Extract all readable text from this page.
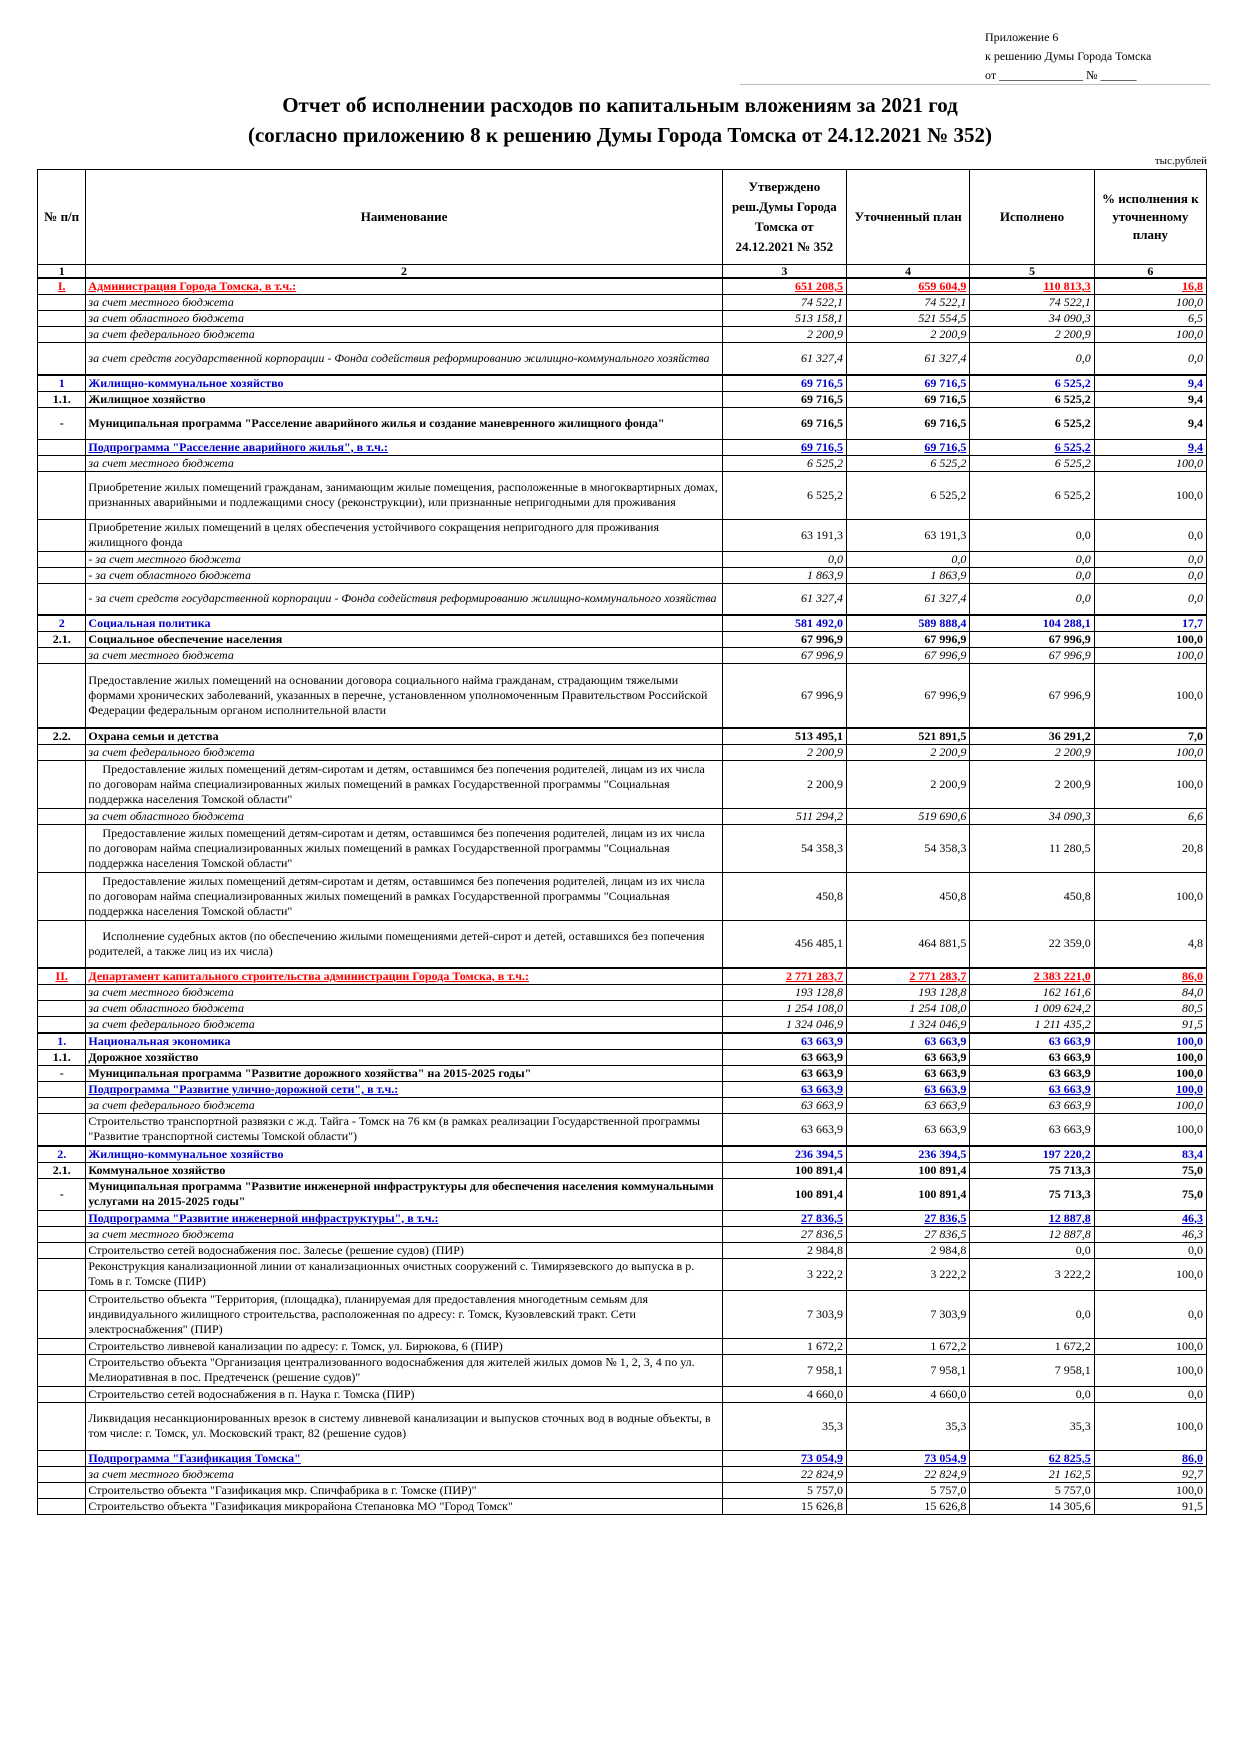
Приложение 6
к решению Думы Города Томска
от ______________ № ______
Отчет об исполнении расходов по капитальным вложениям за 2021 год
(согласно приложению 8 к решению Думы Города Томска от 24.12.2021 № 352)
тыс.рублей
№ п/п	Наименование	Утверждено реш.Думы Города Томска от 24.12.2021 № 352	Уточненный план	Исполнено	% исполнения к уточненному плану
1	2	3	4	5	6
I.	Администрация Города Томска, в т.ч.:	651 208,5	659 604,9	110 813,3	16,8
	за счет местного бюджета	74 522,1	74 522,1	74 522,1	100,0
	за счет областного бюджета	513 158,1	521 554,5	34 090,3	6,5
	за счет федерального бюджета	2 200,9	2 200,9	2 200,9	100,0
	за счет средств государственной корпорации - Фонда содействия реформированию жилищно-коммунального хозяйства	61 327,4	61 327,4	0,0	0,0
1	Жилищно-коммунальное хозяйство	69 716,5	69 716,5	6 525,2	9,4
1.1.	Жилищное хозяйство	69 716,5	69 716,5	6 525,2	9,4
-	Муниципальная программа "Расселение аварийного жилья и создание маневренного жилищного фонда"	69 716,5	69 716,5	6 525,2	9,4
	Подпрограмма "Расселение аварийного жилья", в т.ч.:	69 716,5	69 716,5	6 525,2	9,4
	за счет местного бюджета	6 525,2	6 525,2	6 525,2	100,0
	Приобретение жилых помещений гражданам, занимающим жилые помещения, расположенные в многоквартирных домах, признанных аварийными и подлежащими сносу (реконструкции), или признанные непригодными для проживания	6 525,2	6 525,2	6 525,2	100,0
	Приобретение жилых помещений в целях обеспечения устойчивого сокращения непригодного для проживания жилищного фонда	63 191,3	63 191,3	0,0	0,0
	- за счет местного бюджета	0,0	0,0	0,0	0,0
	- за счет областного бюджета	1 863,9	1 863,9	0,0	0,0
	- за счет средств государственной корпорации - Фонда содействия реформированию жилищно-коммунального хозяйства	61 327,4	61 327,4	0,0	0,0
2	Социальная политика	581 492,0	589 888,4	104 288,1	17,7
2.1.	Социальное обеспечение населения	67 996,9	67 996,9	67 996,9	100,0
	за счет местного бюджета	67 996,9	67 996,9	67 996,9	100,0
	Предоставление жилых помещений на основании договора социального найма гражданам, страдающим тяжелыми формами хронических заболеваний, указанных в перечне, установленном уполномоченным Правительством Российской Федерации федеральным органом исполнительной власти	67 996,9	67 996,9	67 996,9	100,0
2.2.	Охрана семьи и детства	513 495,1	521 891,5	36 291,2	7,0
	за счет федерального бюджета	2 200,9	2 200,9	2 200,9	100,0
	Предоставление жилых помещений детям-сиротам и детям, оставшимся без попечения родителей, лицам из их числа по договорам найма специализированных жилых помещений в рамках Государственной программы "Социальная поддержка населения Томской области"	2 200,9	2 200,9	2 200,9	100,0
	за счет областного бюджета	511 294,2	519 690,6	34 090,3	6,6
	Предоставление жилых помещений детям-сиротам и детям, оставшимся без попечения родителей, лицам из их числа по договорам найма специализированных жилых помещений в рамках Государственной программы "Социальная поддержка населения Томской области"	54 358,3	54 358,3	11 280,5	20,8
	Предоставление жилых помещений детям-сиротам и детям, оставшимся без попечения родителей, лицам из их числа по договорам найма специализированных жилых помещений в рамках Государственной программы "Социальная поддержка населения Томской области"	450,8	450,8	450,8	100,0
	Исполнение судебных актов (по обеспечению жилыми помещениями детей-сирот и детей, оставшихся без попечения родителей, а также лиц из их числа)	456 485,1	464 881,5	22 359,0	4,8
II.	Департамент капитального строительства администрации Города Томска, в т.ч.:	2 771 283,7	2 771 283,7	2 383 221,0	86,0
	за счет местного бюджета	193 128,8	193 128,8	162 161,6	84,0
	за счет областного бюджета	1 254 108,0	1 254 108,0	1 009 624,2	80,5
	за счет федерального бюджета	1 324 046,9	1 324 046,9	1 211 435,2	91,5
1.	Национальная экономика	63 663,9	63 663,9	63 663,9	100,0
1.1.	Дорожное хозяйство	63 663,9	63 663,9	63 663,9	100,0
-	Муниципальная программа "Развитие дорожного хозяйства" на 2015-2025 годы"	63 663,9	63 663,9	63 663,9	100,0
	Подпрограмма "Развитие улично-дорожной сети", в т.ч.:	63 663,9	63 663,9	63 663,9	100,0
	за счет федерального бюджета	63 663,9	63 663,9	63 663,9	100,0
	Строительство транспортной развязки с ж.д. Тайга - Томск на 76 км (в рамках реализации Государственной программы "Развитие транспортной системы Томской области")	63 663,9	63 663,9	63 663,9	100,0
2.	Жилищно-коммунальное хозяйство	236 394,5	236 394,5	197 220,2	83,4
2.1.	Коммунальное хозяйство	100 891,4	100 891,4	75 713,3	75,0
-	Муниципальная программа "Развитие инженерной инфраструктуры для обеспечения населения коммунальными услугами на 2015-2025 годы"	100 891,4	100 891,4	75 713,3	75,0
	Подпрограмма "Развитие инженерной инфраструктуры", в т.ч.:	27 836,5	27 836,5	12 887,8	46,3
	за счет местного бюджета	27 836,5	27 836,5	12 887,8	46,3
	Строительство сетей водоснабжения пос. Залесье (решение судов) (ПИР)	2 984,8	2 984,8	0,0	0,0
	Реконструкция канализационной линии от канализационных очистных сооружений с. Тимирязевского до выпуска в р. Томь в г. Томске (ПИР)	3 222,2	3 222,2	3 222,2	100,0
	Строительство объекта "Территория, (площадка), планируемая для предоставления многодетным семьям для индивидуального жилищного строительства, расположенная по адресу: г. Томск, Кузовлевский тракт. Сети электроснабжения" (ПИР)	7 303,9	7 303,9	0,0	0,0
	Строительство ливневой канализации по адресу: г. Томск, ул. Бирюкова, 6 (ПИР)	1 672,2	1 672,2	1 672,2	100,0
	Строительство объекта "Организация централизованного водоснабжения для жителей жилых домов № 1, 2, 3, 4 по ул. Мелиоративная в пос. Предтеченск (решение судов)"	7 958,1	7 958,1	7 958,1	100,0
	Строительство сетей водоснабжения в п. Наука г. Томска (ПИР)	4 660,0	4 660,0	0,0	0,0
	Ликвидация несанкционированных врезок в систему ливневой канализации и выпусков сточных вод в водные объекты, в том числе: г. Томск, ул. Московский тракт, 82 (решение судов)	35,3	35,3	35,3	100,0
	Подпрограмма "Газификация Томска"	73 054,9	73 054,9	62 825,5	86,0
	за счет местного бюджета	22 824,9	22 824,9	21 162,5	92,7
	Строительство объекта "Газификация мкр. Спичфабрика в г. Томске (ПИР)"	5 757,0	5 757,0	5 757,0	100,0
	Строительство объекта "Газификация микрорайона Степановка МО "Город Томск"	15 626,8	15 626,8	14 305,6	91,5
